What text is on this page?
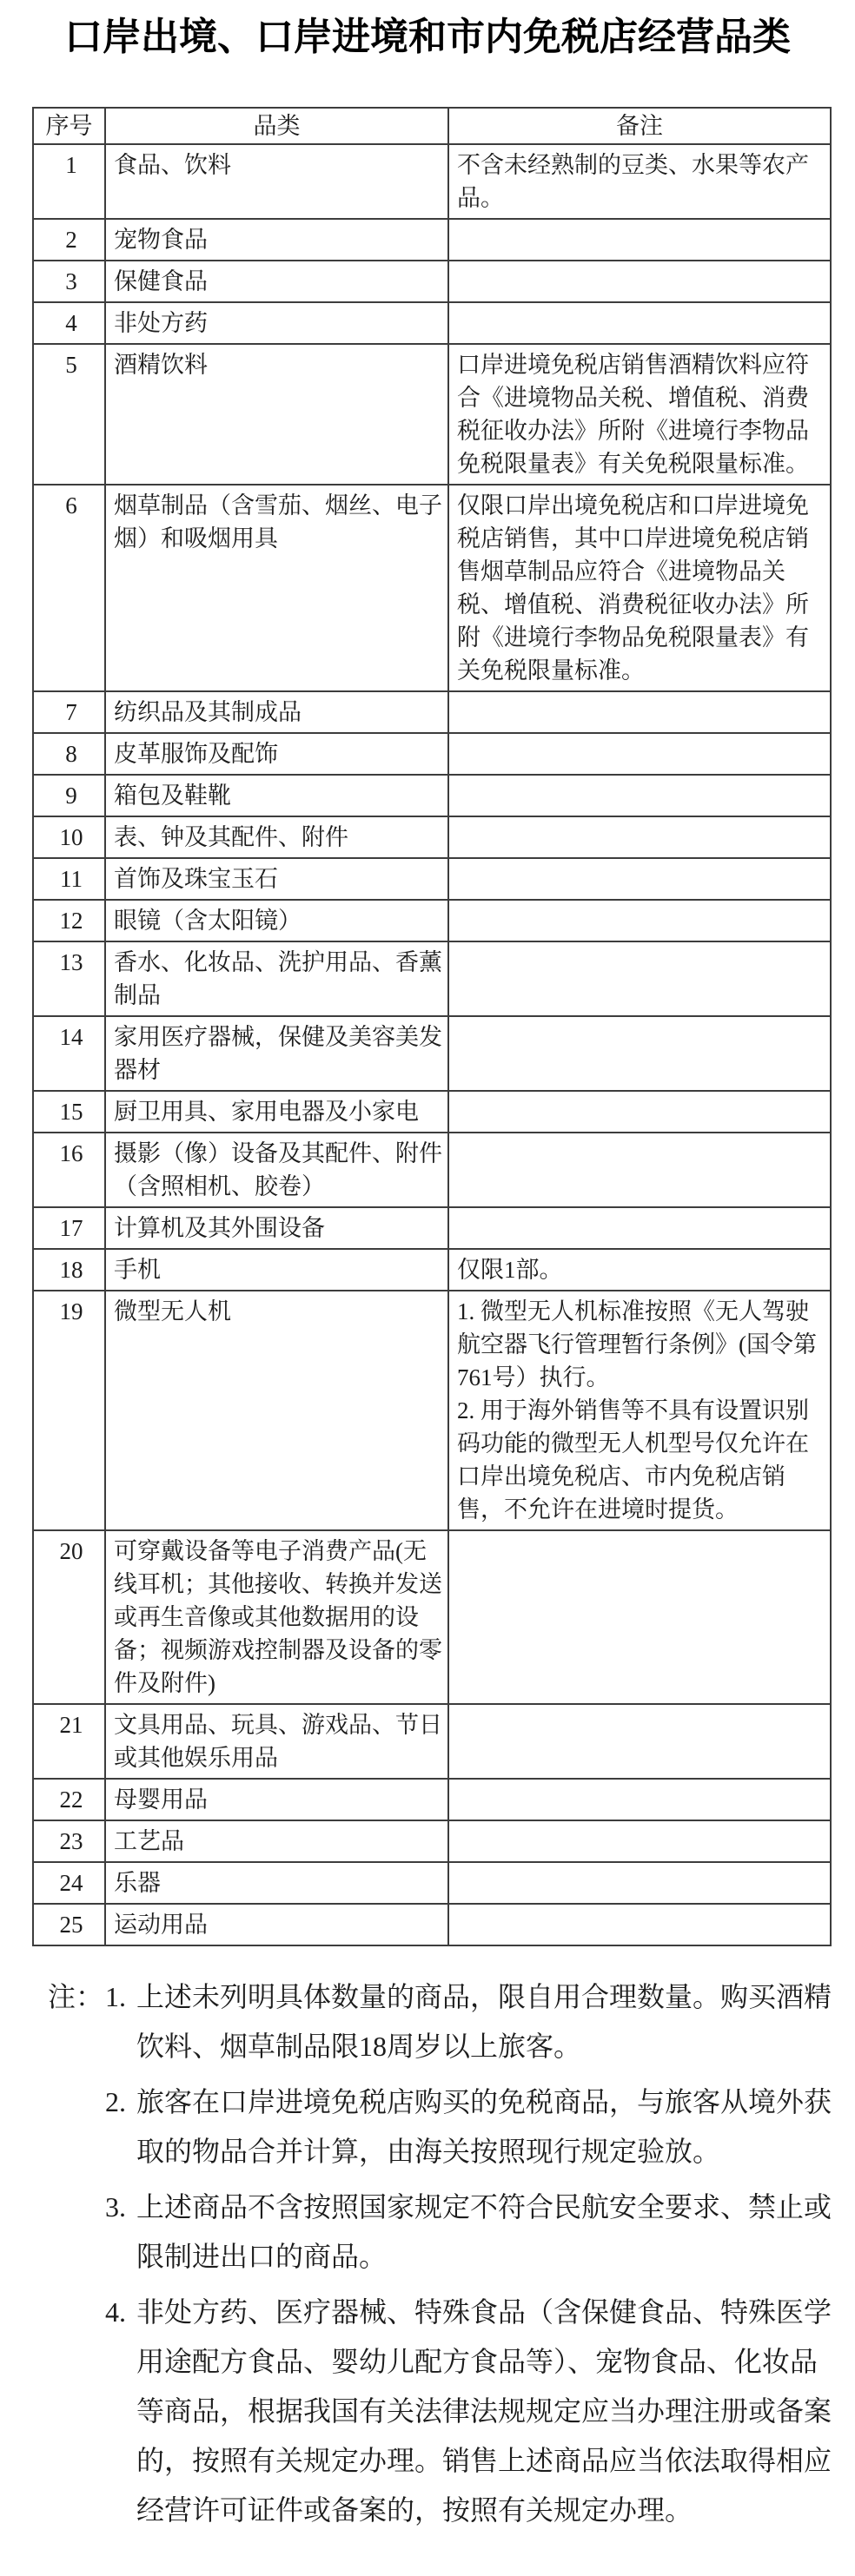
口岸出境、口岸进境和市内免税店经营品类
序号	品类	备注
1	食品、饮料	不含未经熟制的豆类、水果等农产品。

2	宠物食品	
3	保健食品	
4	非处方药	
5	酒精饮料	口岸进境免税店销售酒精饮料应符合《进境物品关税、增值税、消费税征收办法》所附《进境行李物品免税限量表》有关免税限量标准。

6	烟草制品（含雪茄、烟丝、电子烟）和吸烟用具	仅限口岸出境免税店和口岸进境免税店销售，其中口岸进境免税店销售烟草制品应符合《进境物品关税、增值税、消费税征收办法》所附《进境行李物品免税限量表》有关免税限量标准。

7	纺织品及其制成品	
8	皮革服饰及配饰	
9	箱包及鞋靴	
10	表、钟及其配件、附件	
11	首饰及珠宝玉石	
12	眼镜（含太阳镜）	
13	香水、化妆品、洗护用品、香薰制品	
14	家用医疗器械，保健及美容美发器材	
15	厨卫用具、家用电器及小家电	
16	摄影（像）设备及其配件、附件（含照相机、胶卷）	
17	计算机及其外围设备	
18	手机	仅限1部。

19	微型无人机	1. 微型无人机标准按照《无人驾驶航空器飞行管理暂行条例》(国令第761号）执行。
2. 用于海外销售等不具有设置识别码功能的微型无人机型号仅允许在口岸出境免税店、市内免税店销售，不允许在进境时提货。

20	可穿戴设备等电子消费产品(无线耳机；其他接收、转换并发送或再生音像或其他数据用的设备；视频游戏控制器及设备的零件及附件)	
21	文具用品、玩具、游戏品、节日或其他娱乐用品	
22	母婴用品	
23	工艺品	
24	乐器	
25	运动用品	
注： 1. 上述未列明具体数量的商品，限自用合理数量。购买酒精饮料、烟草制品限18周岁以上旅客。
2. 旅客在口岸进境免税店购买的免税商品，与旅客从境外获取的物品合并计算，由海关按照现行规定验放。
3. 上述商品不含按照国家规定不符合民航安全要求、禁止或限制进出口的商品。
4. 非处方药、医疗器械、特殊食品（含保健食品、特殊医学用途配方食品、婴幼儿配方食品等）、宠物食品、化妆品等商品，根据我国有关法律法规规定应当办理注册或备案的，按照有关规定办理。销售上述商品应当依法取得相应经营许可证件或备案的，按照有关规定办理。
